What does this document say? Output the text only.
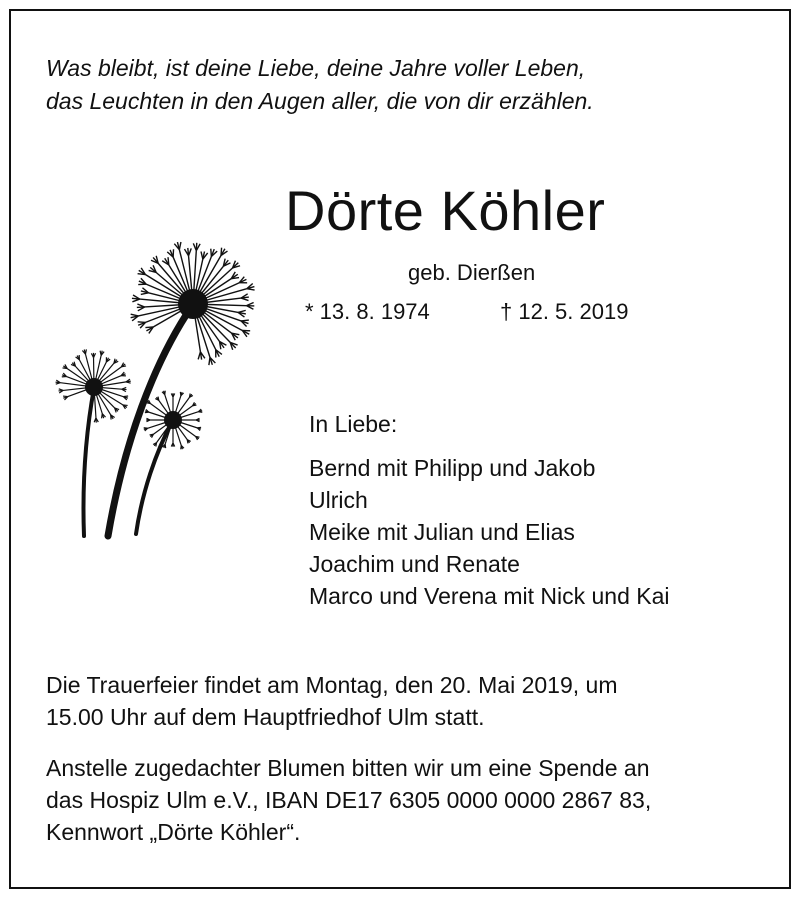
Was bleibt, ist deine Liebe, deine Jahre voller Leben,
das Leuchten in den Augen aller, die von dir erzählen.

Dörte Köhler

geb. Dierßen

* 13. 8. 1974	† 12. 5. 2019

In Liebe:

Bernd mit Philipp und Jakob
Ulrich
Meike mit Julian und Elias
Joachim und Renate
Marco und Verena mit Nick und Kai

Die Trauerfeier findet am Montag, den 20. Mai 2019, um
15.00 Uhr auf dem Hauptfriedhof Ulm statt.

Anstelle zugedachter Blumen bitten wir um eine Spende an
das Hospiz Ulm e.V., IBAN DE17 6305 0000 0000 2867 83,
Kennwort „Dörte Köhler“.
